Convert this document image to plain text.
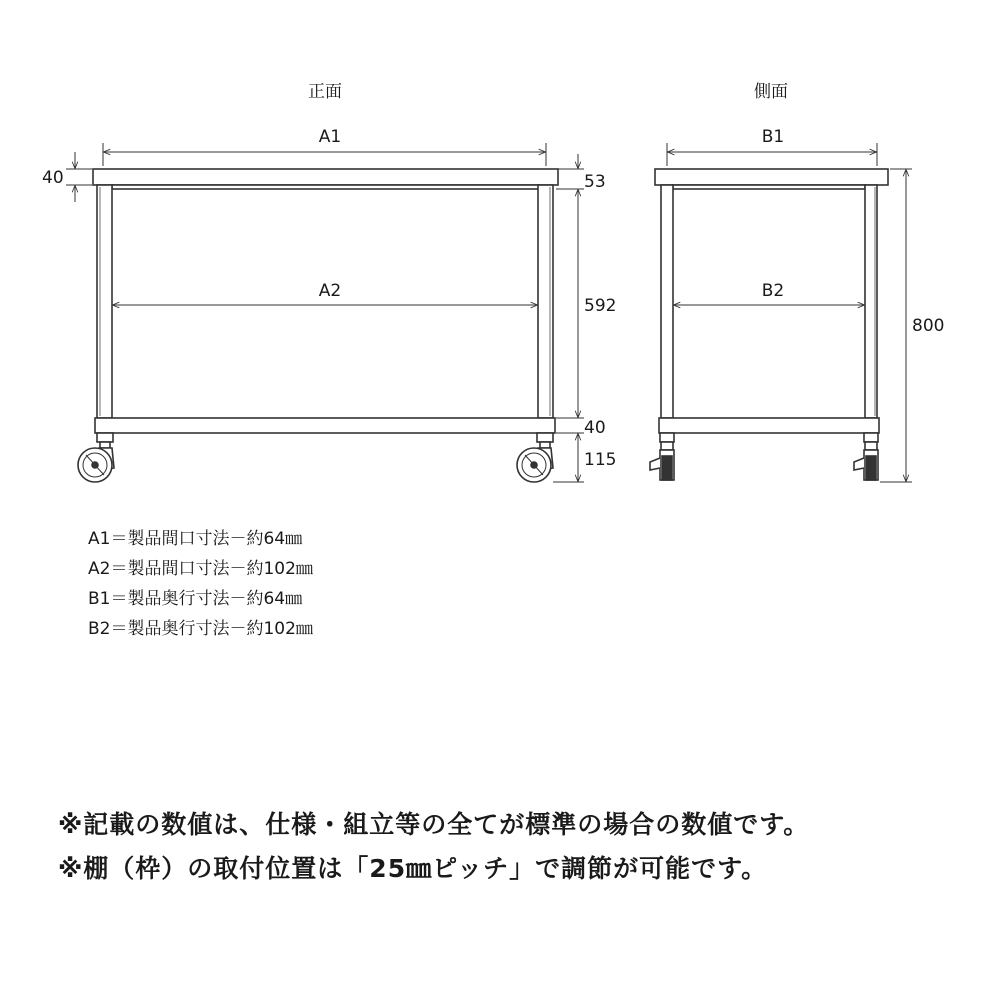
正面	側面
A1
A2
40	53
592
40
115
B1
B2
800
A1＝製品間口寸法－約64㎜
A2＝製品間口寸法－約102㎜
B1＝製品奥行寸法－約64㎜
B2＝製品奥行寸法－約102㎜
※記載の数値は、仕様・組立等の全てが標準の場合の数値です。
※棚（枠）の取付位置は「25㎜ピッチ」で調節が可能です。
